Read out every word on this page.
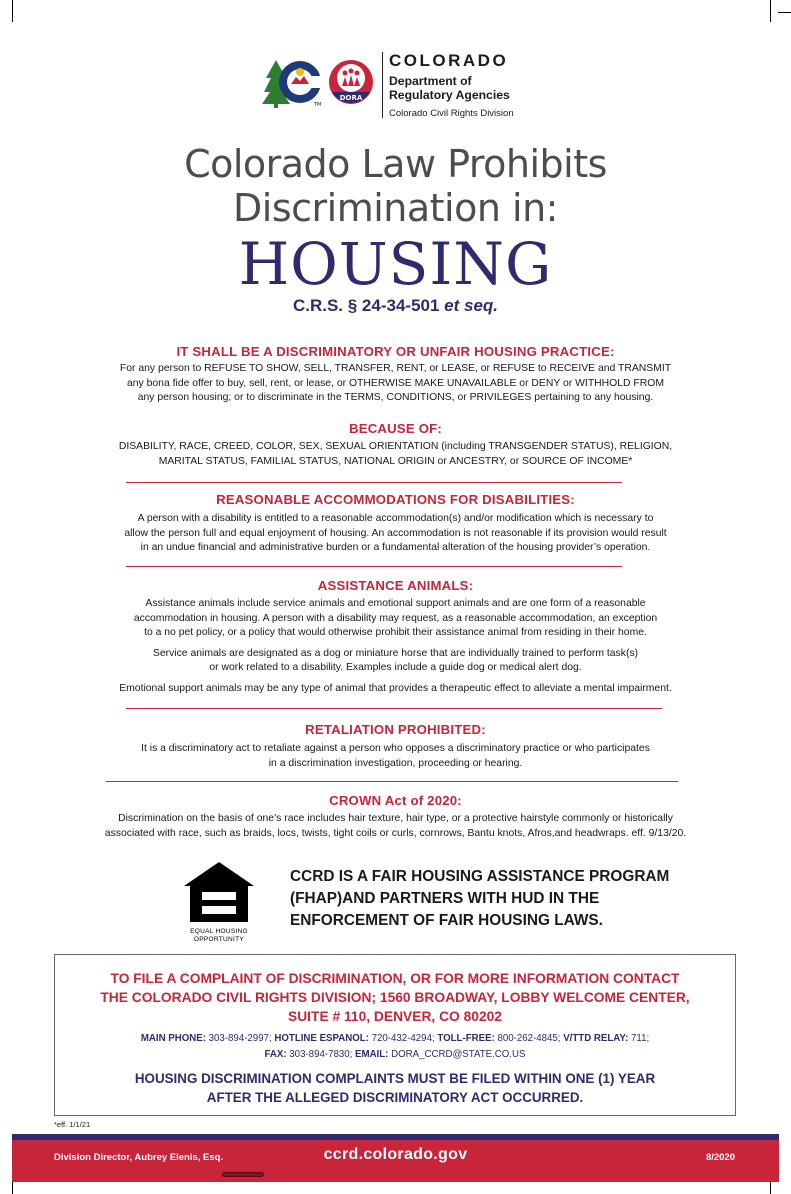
TM
DORA
COLORADO
Department of
Regulatory Agencies
Colorado Civil Rights Division
Colorado Law Prohibits
Discrimination in:
HOUSING
C.R.S. § 24-34-501 et seq.
IT SHALL BE A DISCRIMINATORY OR UNFAIR HOUSING PRACTICE:
For any person to REFUSE TO SHOW, SELL, TRANSFER, RENT, or LEASE, or REFUSE to RECEIVE and TRANSMIT
any bona fide offer to buy, sell, rent, or lease, or OTHERWISE MAKE UNAVAILABLE or DENY or WITHHOLD FROM
any person housing; or to discriminate in the TERMS, CONDITIONS, or PRIVILEGES pertaining to any housing.
BECAUSE OF:
DISABILITY, RACE, CREED, COLOR, SEX, SEXUAL ORIENTATION (including TRANSGENDER STATUS), RELIGION,
MARITAL STATUS, FAMILIAL STATUS, NATIONAL ORIGIN or ANCESTRY, or SOURCE OF INCOME*
REASONABLE ACCOMMODATIONS FOR DISABILITIES:
A person with a disability is entitled to a reasonable accommodation(s) and/or modification which is necessary to
allow the person full and equal enjoyment of housing. An accommodation is not reasonable if its provision would result
in an undue financial and administrative burden or a fundamental alteration of the housing provider’s operation.
ASSISTANCE ANIMALS:

Assistance animals include service animals and emotional support animals and are one form of a reasonable
accommodation in housing. A person with a disability may request, as a reasonable accommodation, an exception
to a no pet policy, or a policy that would otherwise prohibit their assistance animal from residing in their home.

Service animals are designated as a dog or miniature horse that are individually trained to perform task(s)
or work related to a disability. Examples include a guide dog or medical alert dog.

Emotional support animals may be any type of animal that provides a therapeutic effect to alleviate a mental impairment.

RETALIATION PROHIBITED:
It is a discriminatory act to retaliate against a person who opposes a discriminatory practice or who participates
in a discrimination investigation, proceeding or hearing.
CROWN Act of 2020:
Discrimination on the basis of one’s race includes hair texture, hair type, or a protective hairstyle commonly or historically
associated with race, such as braids, locs, twists, tight coils or curls, cornrows, Bantu knots, Afros,and headwraps. eff. 9/13/20.
EQUAL HOUSING
OPPORTUNITY
CCRD IS A FAIR HOUSING ASSISTANCE PROGRAM
(FHAP)AND PARTNERS WITH HUD IN THE
ENFORCEMENT OF FAIR HOUSING LAWS.
TO FILE A COMPLAINT OF DISCRIMINATION, OR FOR MORE INFORMATION CONTACT
THE COLORADO CIVIL RIGHTS DIVISION; 1560 BROADWAY, LOBBY WELCOME CENTER,
SUITE # 110, DENVER, CO 80202
MAIN PHONE: 303-894-2997; HOTLINE ESPANOL: 720-432-4294; TOLL-FREE: 800-262-4845; V/TTD RELAY: 711;
FAX: 303-894-7830; EMAIL: DORA_CCRD@STATE.CO.US
HOUSING DISCRIMINATION COMPLAINTS MUST BE FILED WITHIN ONE (1) YEAR
AFTER THE ALLEGED DISCRIMINATORY ACT OCCURRED.
*eff. 1/1/21
Division Director, Aubrey Elenis, Esq.	ccrd.colorado.gov	8/2020
